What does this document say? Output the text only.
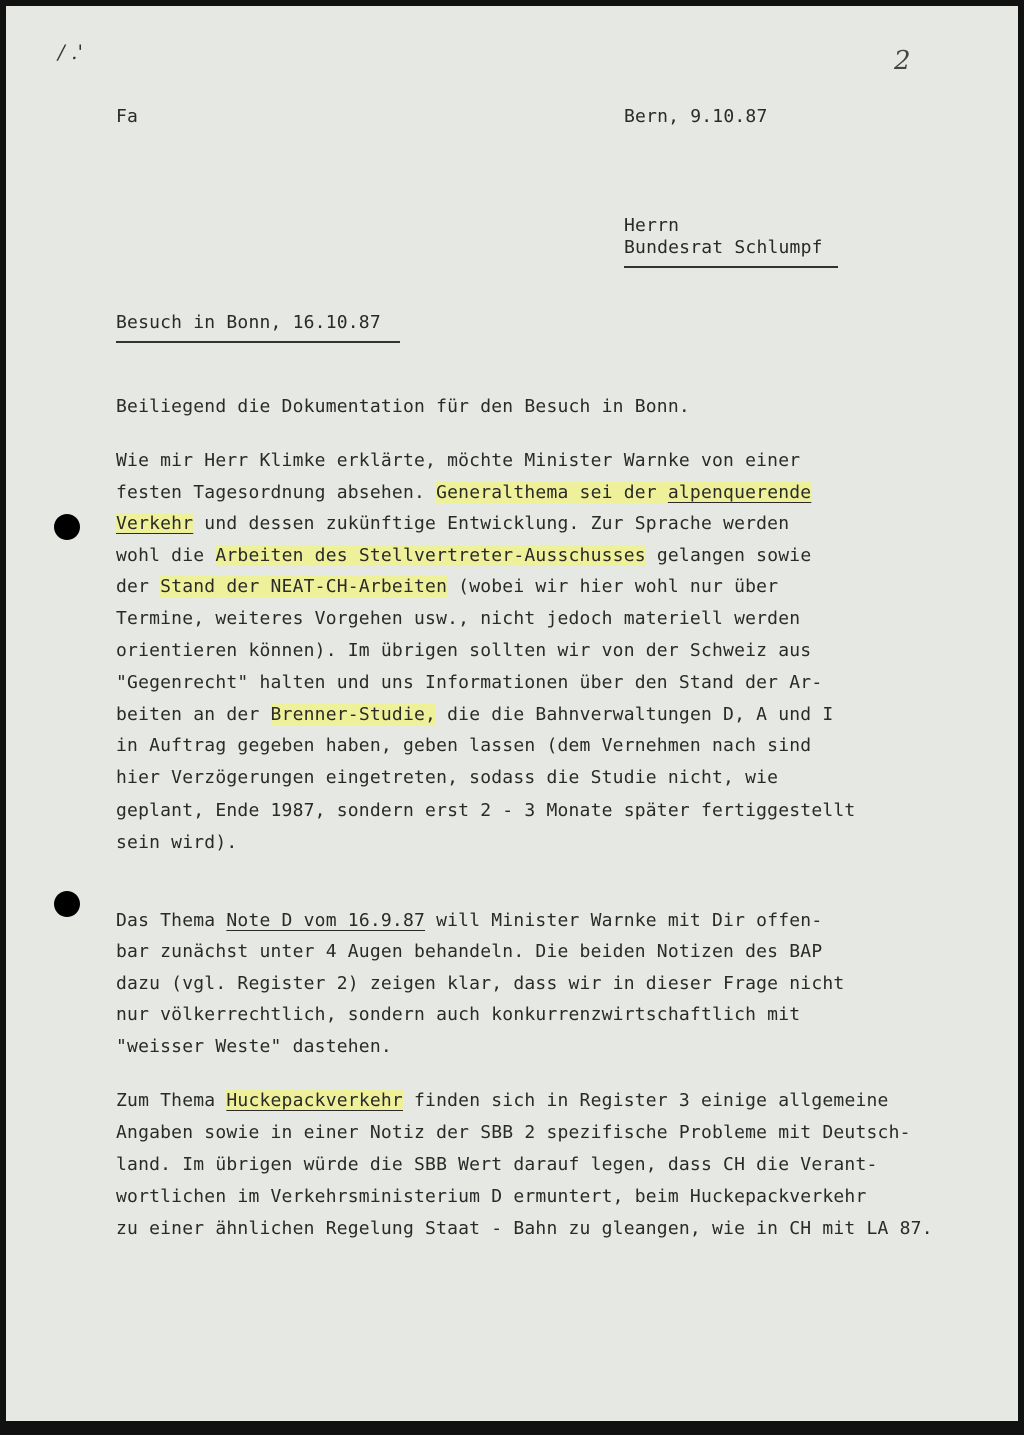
/ .'	2
Fa	Bern, 9.10.87
Herrn
Bundesrat Schlumpf
Besuch in Bonn, 16.10.87
Beiliegend die Dokumentation für den Besuch in Bonn.
Wie mir Herr Klimke erklärte, möchte Minister Warnke von einer
festen Tagesordnung absehen. Generalthema sei der alpenquerende
Verkehr und dessen zukünftige Entwicklung. Zur Sprache werden
wohl die Arbeiten des Stellvertreter-Ausschusses gelangen sowie
der Stand der NEAT-CH-Arbeiten (wobei wir hier wohl nur über
Termine, weiteres Vorgehen usw., nicht jedoch materiell werden
orientieren können). Im übrigen sollten wir von der Schweiz aus
"Gegenrecht" halten und uns Informationen über den Stand der Ar-
beiten an der Brenner-Studie, die die Bahnverwaltungen D, A und I
in Auftrag gegeben haben, geben lassen (dem Vernehmen nach sind
hier Verzögerungen eingetreten, sodass die Studie nicht, wie
geplant, Ende 1987, sondern erst 2 - 3 Monate später fertiggestellt
sein wird).
Das Thema Note D vom 16.9.87 will Minister Warnke mit Dir offen-
bar zunächst unter 4 Augen behandeln. Die beiden Notizen des BAP
dazu (vgl. Register 2) zeigen klar, dass wir in dieser Frage nicht
nur völkerrechtlich, sondern auch konkurrenzwirtschaftlich mit
"weisser Weste" dastehen.
Zum Thema Huckepackverkehr finden sich in Register 3 einige allgemeine
Angaben sowie in einer Notiz der SBB 2 spezifische Probleme mit Deutsch-
land. Im übrigen würde die SBB Wert darauf legen, dass CH die Verant-
wortlichen im Verkehrsministerium D ermuntert, beim Huckepackverkehr
zu einer ähnlichen Regelung Staat - Bahn zu gleangen, wie in CH mit LA 87.
